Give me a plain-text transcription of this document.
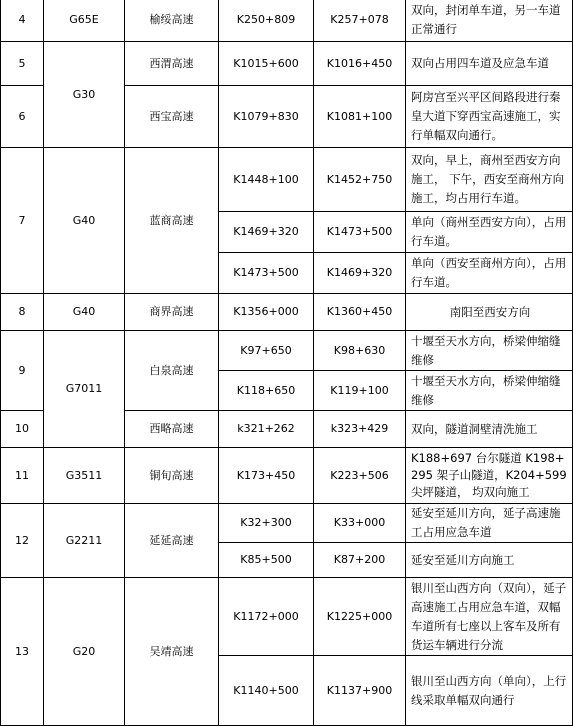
4	G65E	榆绥高速	K250+809	K257+078	双向，封闭单车道，另一车道正常通行
5	G30	西渭高速	K1015+600	K1016+450	双向占用四车道及应急车道
6		西宝高速	K1079+830	K1081+100	阿房宫至兴平区间路段进行秦皇大道下穿西宝高速施工，实行单幅双向通行。
7	G40	蓝商高速	K1448+100	K1452+750	双向，早上，商州至西安方向施工， 下午，西安至商州方向施工，均占用行车道。
			K1469+320	K1473+500	单向（商州至西安方向），占用行车道。
			K1473+500	K1469+320	单向（西安至商州方向），占用行车道。
8	G40	商界高速	K1356+000	K1360+450	南阳至西安方向
9	G7011	白泉高速	K97+650	K98+630	十堰至天水方向，桥梁伸缩缝维修
			K118+650	K119+100	十堰至天水方向，桥梁伸缩缝维修
10		西略高速	k321+262	k323+429	双向，隧道洞壁清洗施工
11	G3511	铜旬高速	K173+450	K223+506	K188+697 台尔隧道 K198+295 架子山隧道，K204+599 尖坪隧道， 均双向施工
12	G2211	延延高速	K32+300	K33+000	延安至延川方向，延子高速施工占用应急车道
			K85+500	K87+200	延安至延川方向施工
13	G20	吴靖高速	K1172+000	K1225+000	银川至山西方向（双向），延子高速施工占用应急车道，双幅车道所有七座以上客车及所有货运车辆进行分流
			K1140+500	K1137+900	银川至山西方向（单向），上行线采取单幅双向通行
